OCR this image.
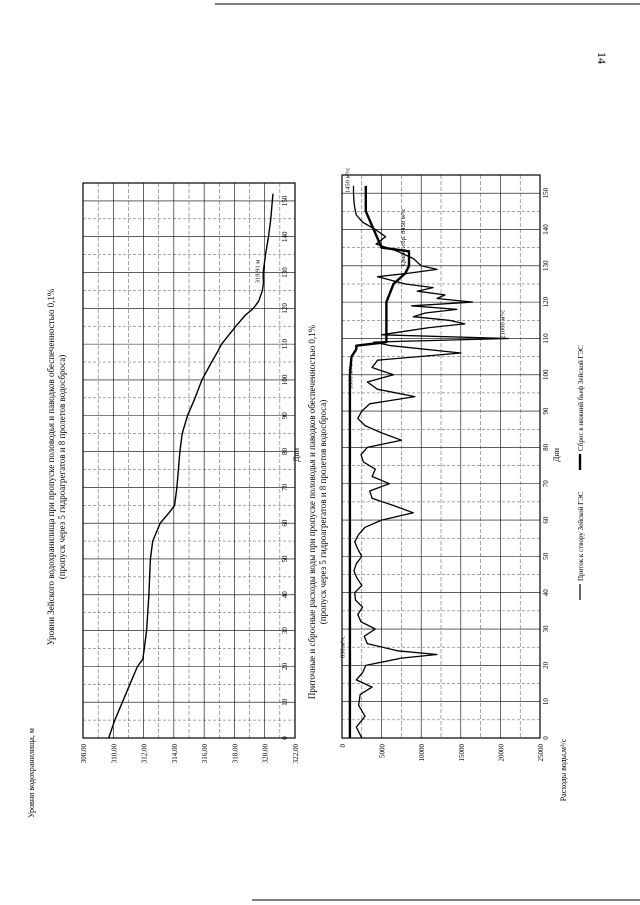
14
Уровни Зейского водохранилища при пропуске половодья и паводков обеспеченностью 0,1% (пропуск через 5 гидроагрегатов и 8 пролетов водосброса)
308,00	310,00	312,00	314,00	316,00	318,00	320,00	322,00
0
10
20
30
40
50
60
70
80
90
100
110
120
130
140
150
319,91 м
Дни
Уровни водохранилища, м
Приточные и сбросные расходы воды при пропуске половодья и паводков обеспеченностью 0,1% (пропуск через 5 гидроагрегатов и 8 пролетов водосброса)
0	5000	10000	15000	20000	25000
0
10
20
30
40
50
60
70
80
90
100
110
120
130
140
150
21000 м³/с
1800 м³/с
830 м³/с
Qмакс.сбр. 8458 м³/с
1450 м³/с
Дни
Расходы воды,м³/с
Приток к створу Зейской ГЭС
Сброс в нижний бьеф Зейской ГЭС
